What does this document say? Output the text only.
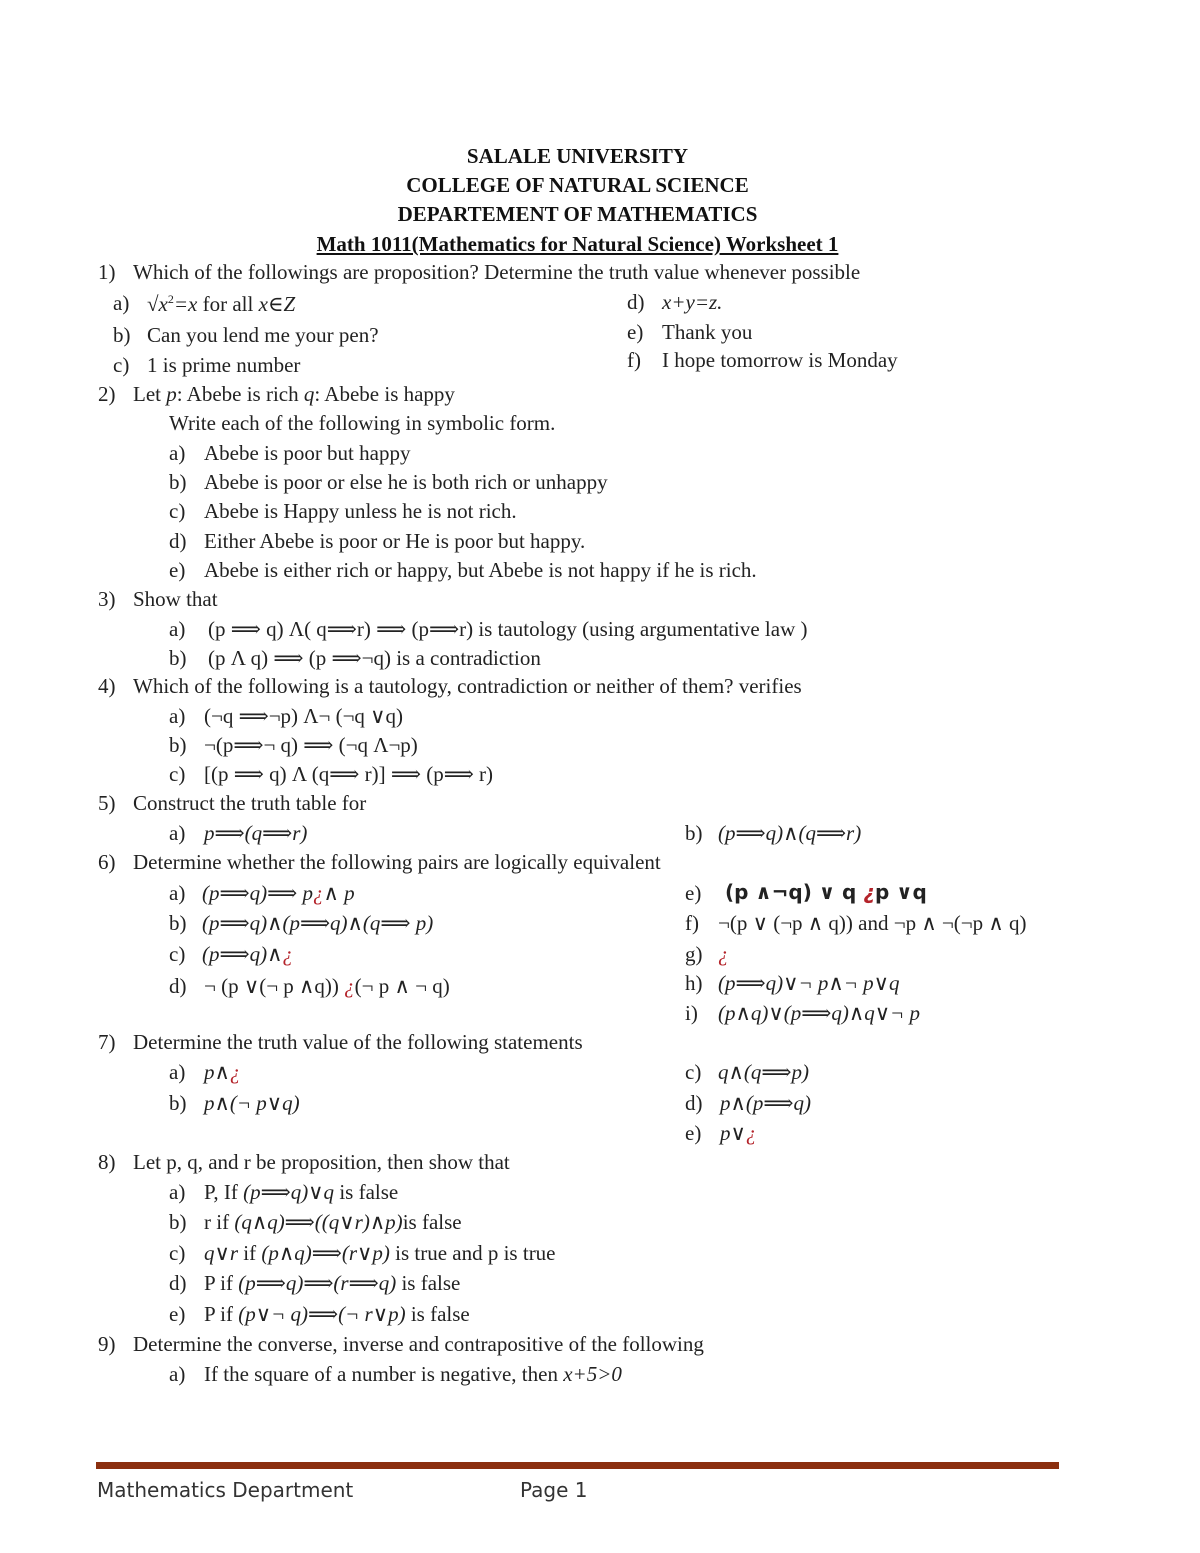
SALALE UNIVERSITY
COLLEGE OF NATURAL SCIENCE
DEPARTEMENT OF MATHEMATICS
Math 1011(Mathematics for Natural Science) Worksheet 1
1) Which of the followings are proposition? Determine the truth value whenever possible
a) $√x^2=x$ for all x∈Z
b) Can you lend me your pen?
c) 1 is prime number
d) x+y=z.
e) Thank you
f) I hope tomorrow is Monday
2) Let p: Abebe is rich q: Abebe is happy
Write each of the following in symbolic form.
a) Abebe is poor but happy
b) Abebe is poor or else he is both rich or unhappy
c) Abebe is Happy unless he is not rich.
d) Either Abebe is poor or He is poor but happy.
e) Abebe is either rich or happy, but Abebe is not happy if he is rich.
3) Show that
a) (p ⟹ q) Λ( q⟹r) ⟹ (p⟹r) is tautology (using argumentative law )
b) (p Λ q) ⟹ (p ⟹¬q) is a contradiction
4) Which of the following is a tautology, contradiction or neither of them? verifies
a) (¬q ⟹¬p) Λ¬ (¬q ∨q)
b) ¬(p⟹¬ q) ⟹ (¬q Λ¬p)
c) [(p ⟹ q) Λ (q⟹ r)] ⟹ (p⟹ r)
5) Construct the truth table for
a) p⟹(q⟹r)	b) (p⟹q)∧(q⟹r)
6) Determine whether the following pairs are logically equivalent
a) (p⟹q)⟹ p¿∧ p
b) (p⟹q)∧(p⟹q)∧(q⟹ p)
c) (p⟹q)∧¿
d) ¬ (p ∨(¬ p ∧q)) ¿(¬ p ∧ ¬ q)
e) (p ∧¬q) ∨ q ¿p ∨q
f) ¬(p ∨ (¬p ∧ q)) and ¬p ∧ ¬(¬p ∧ q)
g) ¿
h) (p⟹q)∨¬ p∧¬ p∨q
i) (p∧q)∨(p⟹q)∧q∨¬ p
7) Determine the truth value of the following statements
a) p∧¿
b) p∧(¬ p∨q)
c) q∧(q⟹p)
d) p∧(p⟹q)
e) p∨¿
8) Let p, q, and r be proposition, then show that
a) P, If (p⟹q)∨q is false
b) r if (q∧q)⟹((q∨r)∧p)is false
c) q∨r if (p∧q)⟹(r∨p) is true and p is true
d) P if (p⟹q)⟹(r⟹q) is false
e) P if (p∨¬ q)⟹(¬ r∨p) is false
9) Determine the converse, inverse and contrapositive of the following
a) If the square of a number is negative, then x+5>0
Mathematics Department	Page 1
